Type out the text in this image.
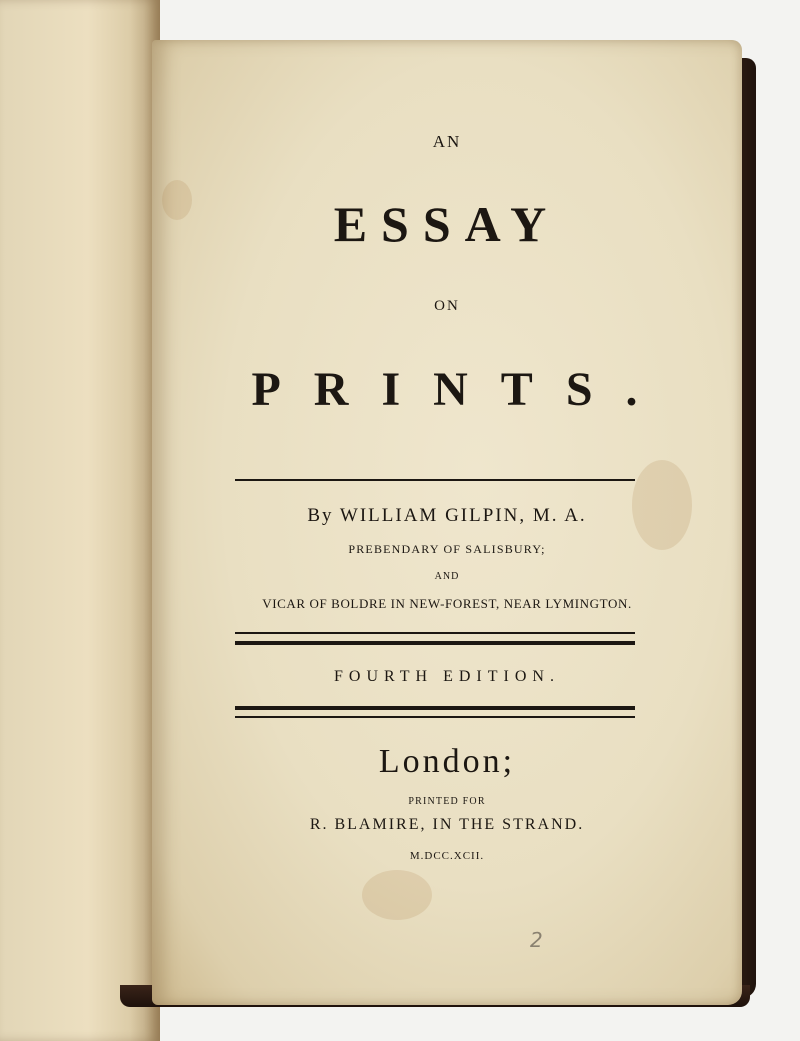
AN
ESSAY
ON
PRINTS.
By WILLIAM GILPIN, M. A.
PREBENDARY OF SALISBURY;
AND
VICAR OF BOLDRE IN NEW-FOREST, NEAR LYMINGTON.
FOURTH EDITION.
London;
PRINTED FOR
R. BLAMIRE, IN THE STRAND.
M.DCC.XCII.
2
